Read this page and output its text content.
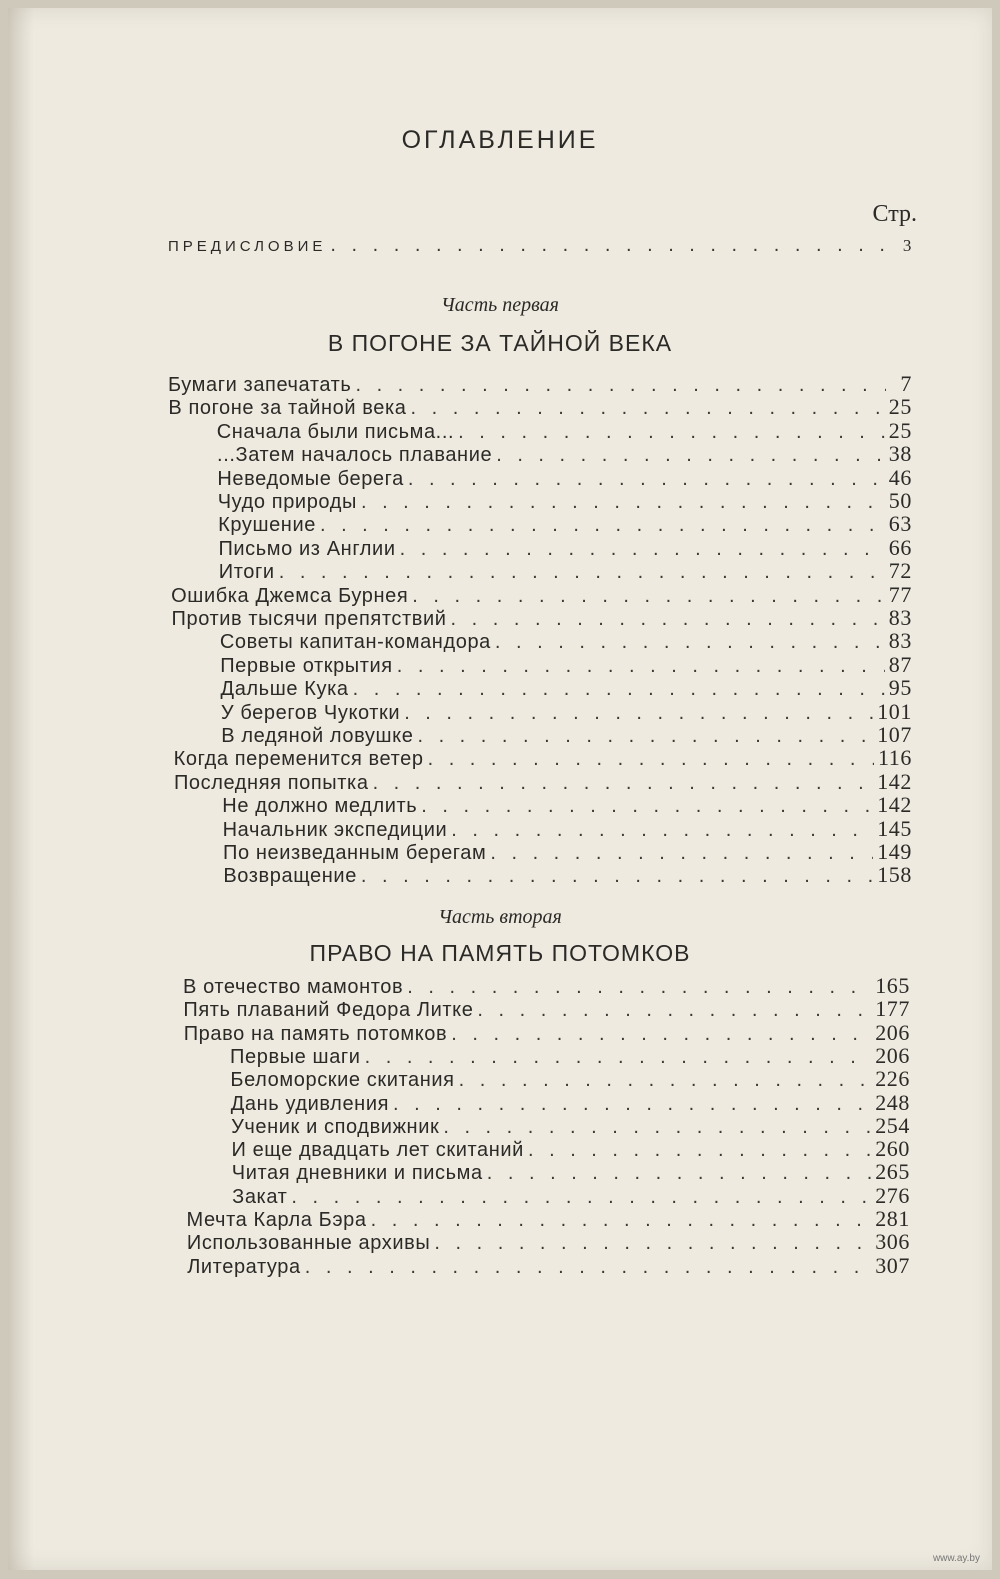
ОГЛАВЛЕНИЕ
Стр.
ПРЕДИСЛОВИЕ . . .	3
Часть первая
В ПОГОНЕ ЗА ТАЙНОЙ ВЕКА
Бумаги запечатать . . .	7
В погоне за тайной века . . .	25
Сначала были письма... . . .	25
...Затем началось плавание . . .	38
Неведомые берега . . .	46
Чудо природы . . .	50
Крушение . . .	63
Письмо из Англии . . .	66
Итоги . . .	72
Ошибка Джемса Бурнея . . .	77
Против тысячи препятствий . . .	83
Советы капитан-командора . . .	83
Первые открытия . . .	87
Дальше Кука . . .	95
У берегов Чукотки . . .	101
В ледяной ловушке . . .	107
Когда переменится ветер . . .	116
Последняя попытка . . .	142
Не должно медлить . . .	142
Начальник экспедиции . . .	145
По неизведанным берегам . . .	149
Возвращение . . .	158
Часть вторая
ПРАВО НА ПАМЯТЬ ПОТОМКОВ
В отечество мамонтов . . .	165
Пять плаваний Федора Литке . . .	177
Право на память потомков . . .	206
Первые шаги . . .	206
Беломорские скитания . . .	226
Дань удивления . . .	248
Ученик и сподвижник . . .	254
И еще двадцать лет скитаний . . .	260
Читая дневники и письма . . .	265
Закат . . .	276
Мечта Карла Бэра . . .	281
Использованные архивы . . .	306
Литература . . .	307
www.ay.by
